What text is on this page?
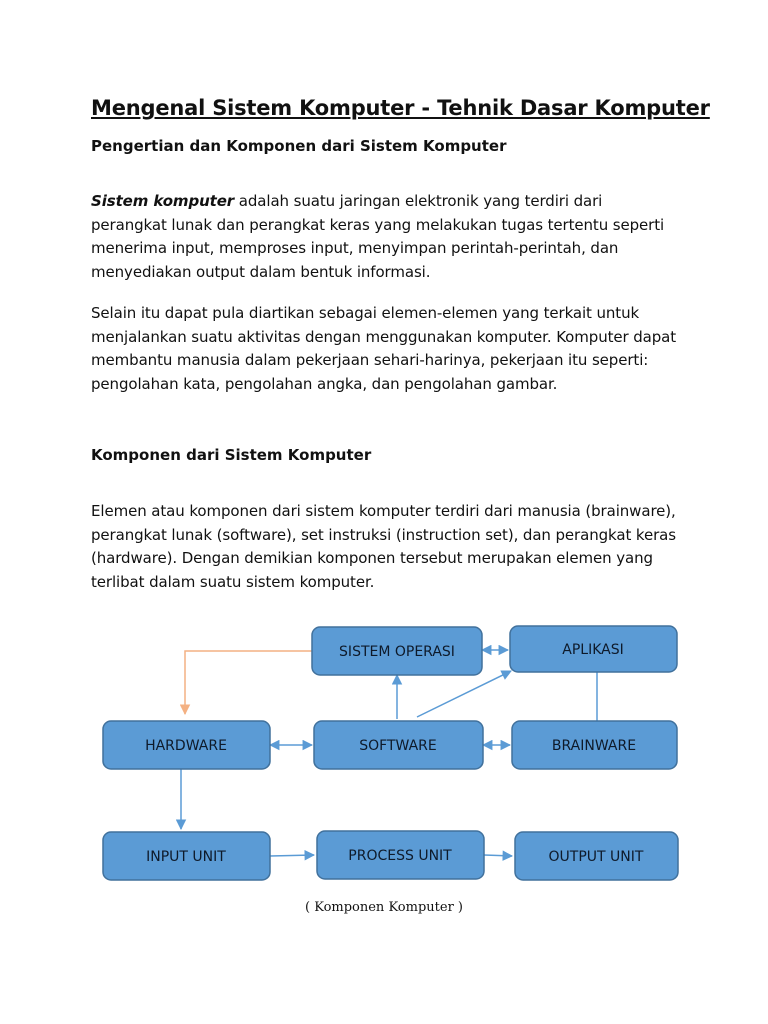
Mengenal Sistem Komputer - Tehnik Dasar Komputer
Pengertian dan Komponen dari Sistem Komputer

Sistem komputer adalah suatu jaringan elektronik yang terdiri dari perangkat lunak dan perangkat keras yang melakukan tugas tertentu seperti menerima input, memproses input, menyimpan perintah-perintah, dan menyediakan output dalam bentuk informasi.

Selain itu dapat pula diartikan sebagai elemen-elemen yang terkait untuk menjalankan suatu aktivitas dengan menggunakan komputer. Komputer dapat membantu manusia dalam pekerjaan sehari-harinya, pekerjaan itu seperti: pengolahan kata, pengolahan angka, dan pengolahan gambar.

Komponen dari Sistem Komputer

Elemen atau komponen dari sistem komputer terdiri dari manusia (brainware), perangkat lunak (software), set instruksi (instruction set), dan perangkat keras (hardware). Dengan demikian komponen tersebut merupakan elemen yang terlibat dalam suatu sistem komputer.

SISTEM OPERASI	APLIKASI
HARDWARE	SOFTWARE	BRAINWARE
INPUT UNIT	PROCESS UNIT	OUTPUT UNIT

( Komponen Komputer )
